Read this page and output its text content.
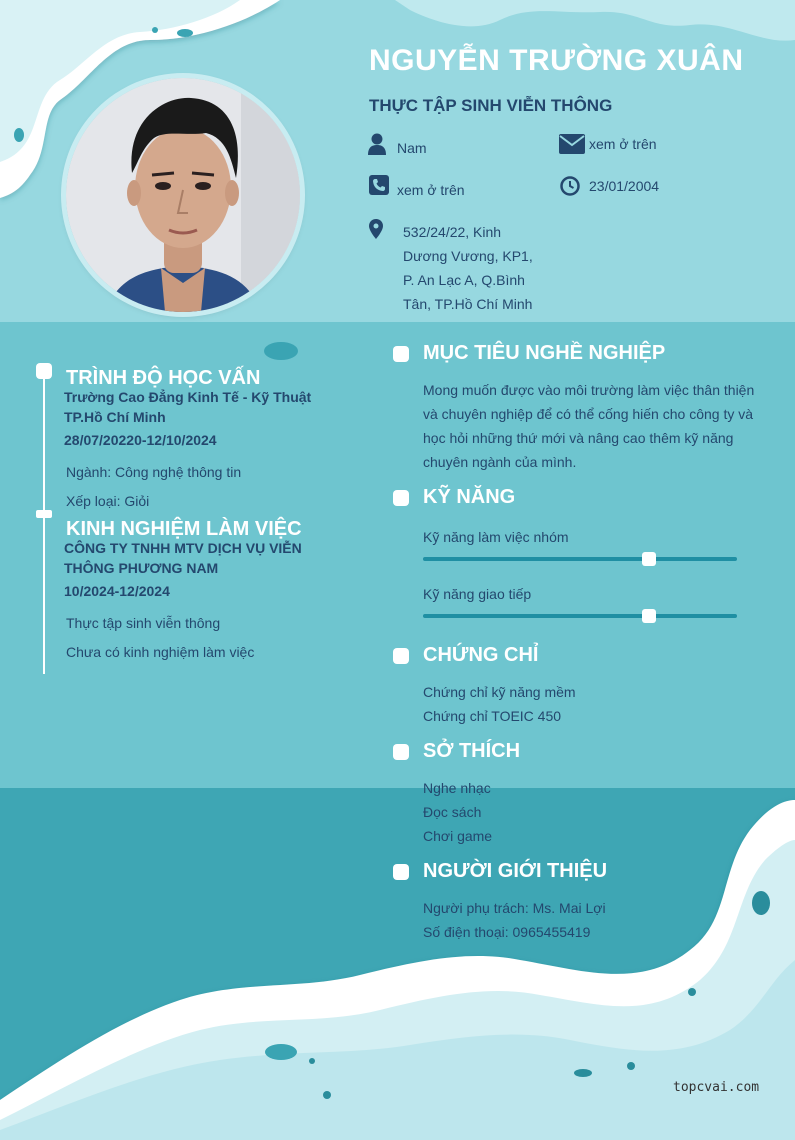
NGUYỄN TRƯỜNG XUÂN
THỰC TẬP SINH VIỄN THÔNG
Nam	xem ở trên
xem ở trên	23/01/2004
532/24/22, Kinh
Dương Vương, KP1,
P. An Lạc A, Q.Bình
Tân, TP.Hồ Chí Minh
TRÌNH ĐỘ HỌC VẤN
Trường Cao Đẳng Kinh Tế - Kỹ Thuật
TP.Hồ Chí Minh
28/07/20220-12/10/2024
Ngành: Công nghệ thông tin
Xếp loại: Giỏi
KINH NGHIỆM LÀM VIỆC
CÔNG TY TNHH MTV DỊCH VỤ VIỄN
THÔNG PHƯƠNG NAM
10/2024-12/2024
Thực tập sinh viễn thông
Chưa có kinh nghiệm làm việc
MỤC TIÊU NGHỀ NGHIỆP
Mong muốn được vào môi trường làm việc thân thiện
và chuyên nghiệp để có thể cống hiến cho công ty và
học hỏi những thứ mới và nâng cao thêm kỹ năng
chuyên ngành của mình.
KỸ NĂNG
Kỹ năng làm việc nhóm
Kỹ năng giao tiếp
CHỨNG CHỈ
Chứng chỉ kỹ năng mềm
Chứng chỉ TOEIC 450
SỞ THÍCH
Nghe nhạc
Đọc sách
Chơi game
NGƯỜI GIỚI THIỆU
Người phụ trách: Ms. Mai Lợi
Số điện thoại: 0965455419
topcvai.com
